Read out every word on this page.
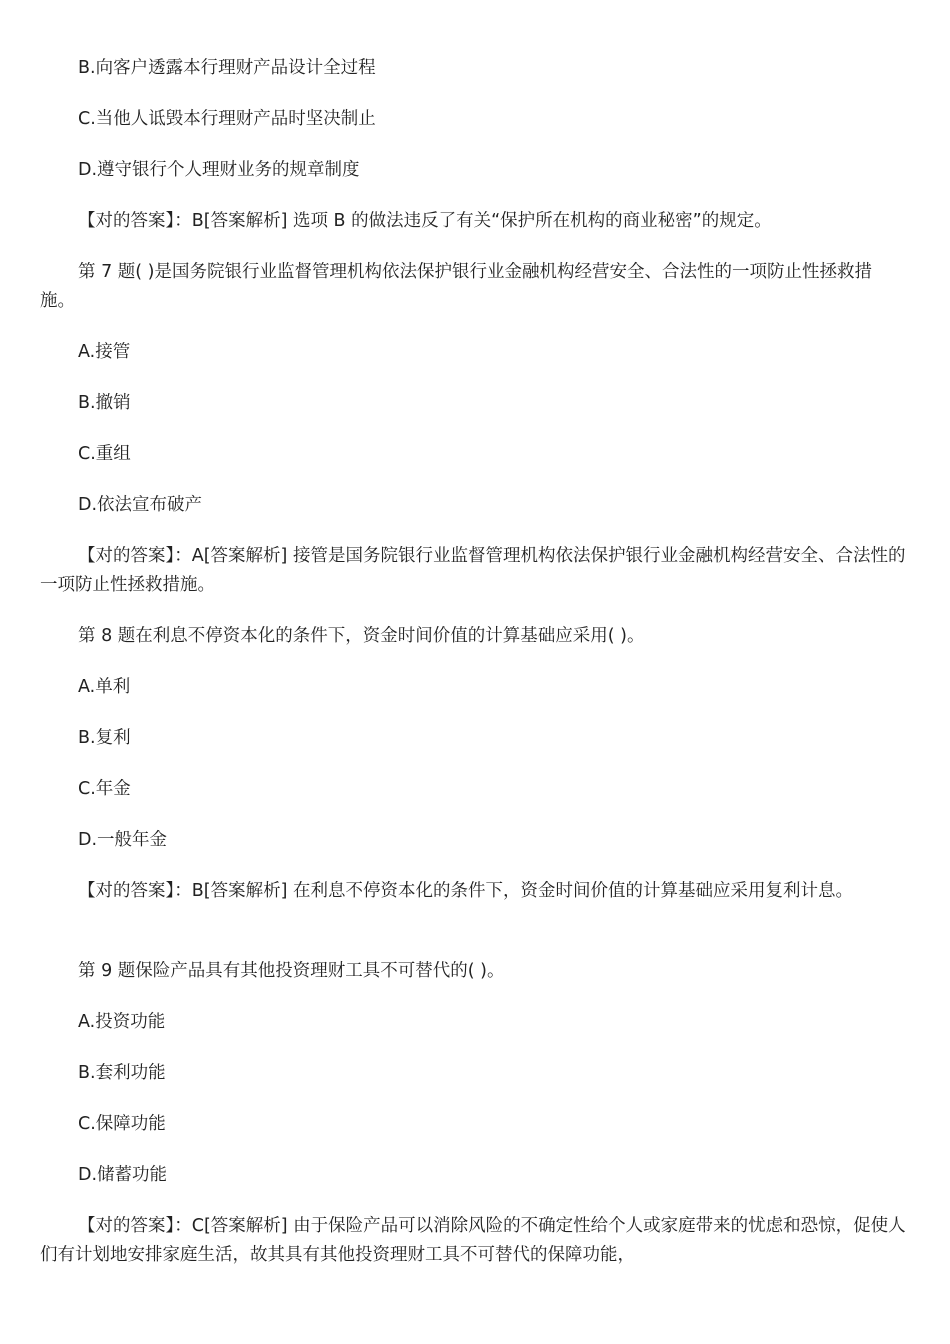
B.向客户透露本行理财产品设计全过程
C.当他人诋毁本行理财产品时坚决制止
D.遵守银行个人理财业务的规章制度
【对的答案】：B[答案解析] 选项 B 的做法违反了有关“保护所在机构的商业秘密”的规定。
第 7 题( )是国务院银行业监督管理机构依法保护银行业金融机构经营安全、合法性的一项防止性拯救措施。
A.接管
B.撤销
C.重组
D.依法宣布破产
【对的答案】：A[答案解析] 接管是国务院银行业监督管理机构依法保护银行业金融机构经营安全、合法性的一项防止性拯救措施。
第 8 题在利息不停资本化的条件下，资金时间价值的计算基础应采用( )。
A.单利
B.复利
C.年金
D.一般年金
【对的答案】：B[答案解析] 在利息不停资本化的条件下，资金时间价值的计算基础应采用复利计息。
第 9 题保险产品具有其他投资理财工具不可替代的( )。
A.投资功能
B.套利功能
C.保障功能
D.储蓄功能
【对的答案】：C[答案解析] 由于保险产品可以消除风险的不确定性给个人或家庭带来的忧虑和恐惊，促使人们有计划地安排家庭生活，故其具有其他投资理财工具不可替代的保障功能，
